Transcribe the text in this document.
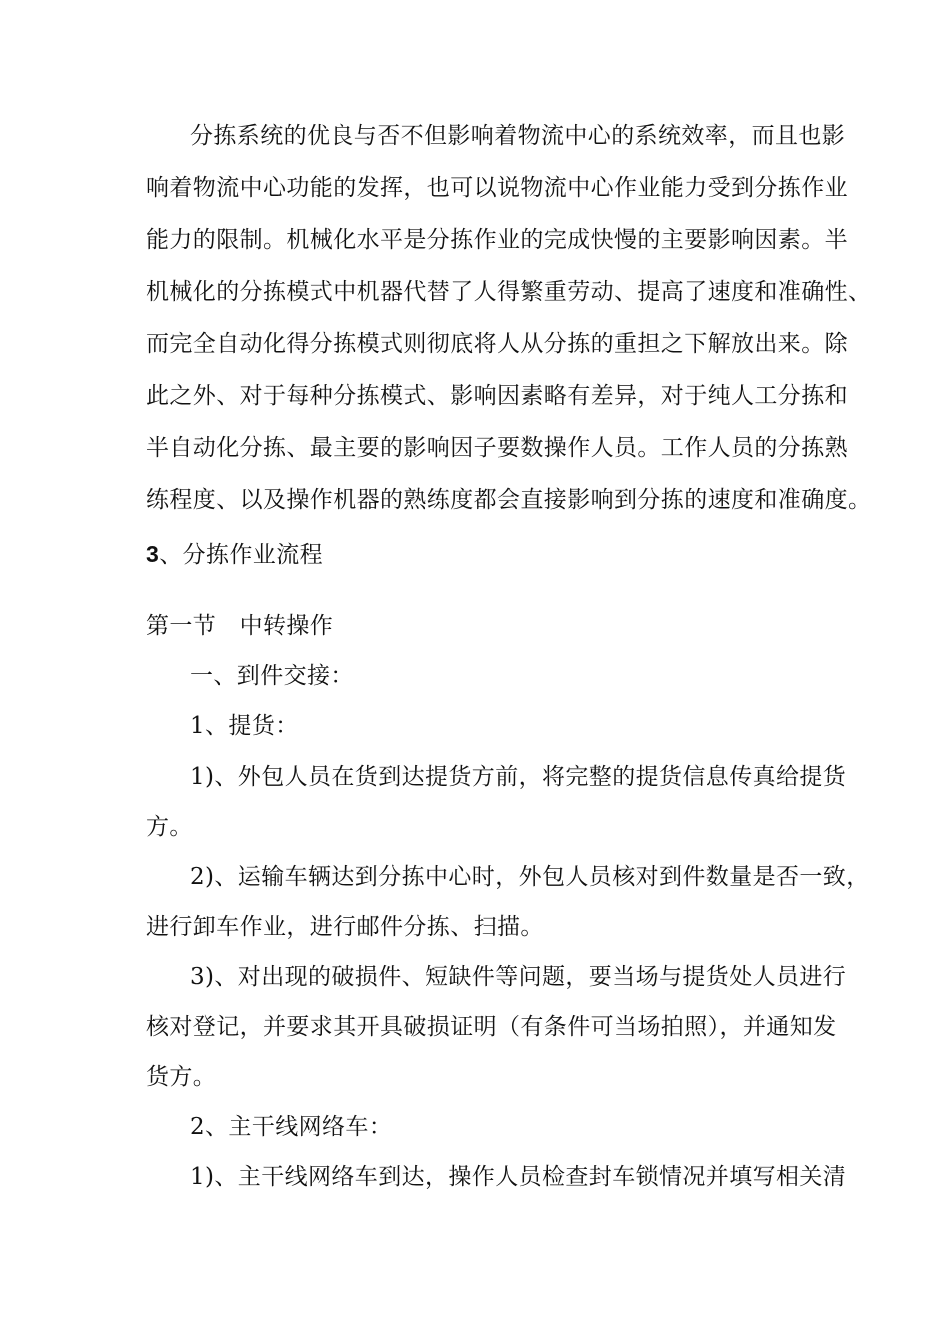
分拣系统的优良与否不但影响着物流中心的系统效率，而且也影
响着物流中心功能的发挥，也可以说物流中心作业能力受到分拣作业
能力的限制。机械化水平是分拣作业的完成快慢的主要影响因素。半
机械化的分拣模式中机器代替了人得繁重劳动、提高了速度和准确性、
而完全自动化得分拣模式则彻底将人从分拣的重担之下解放出来。除
此之外、对于每种分拣模式、影响因素略有差异，对于纯人工分拣和
半自动化分拣、最主要的影响因子要数操作人员。工作人员的分拣熟
练程度、以及操作机器的熟练度都会直接影响到分拣的速度和准确度。
3、分拣作业流程
第一节　中转操作
一、到件交接：
1、提货：
1)、外包人员在货到达提货方前，将完整的提货信息传真给提货
方。
2)、运输车辆达到分拣中心时，外包人员核对到件数量是否一致，
进行卸车作业，进行邮件分拣、扫描。
3)、对出现的破损件、短缺件等问题，要当场与提货处人员进行
核对登记，并要求其开具破损证明（有条件可当场拍照），并通知发
货方。
2、主干线网络车：
1)、主干线网络车到达，操作人员检查封车锁情况并填写相关清
